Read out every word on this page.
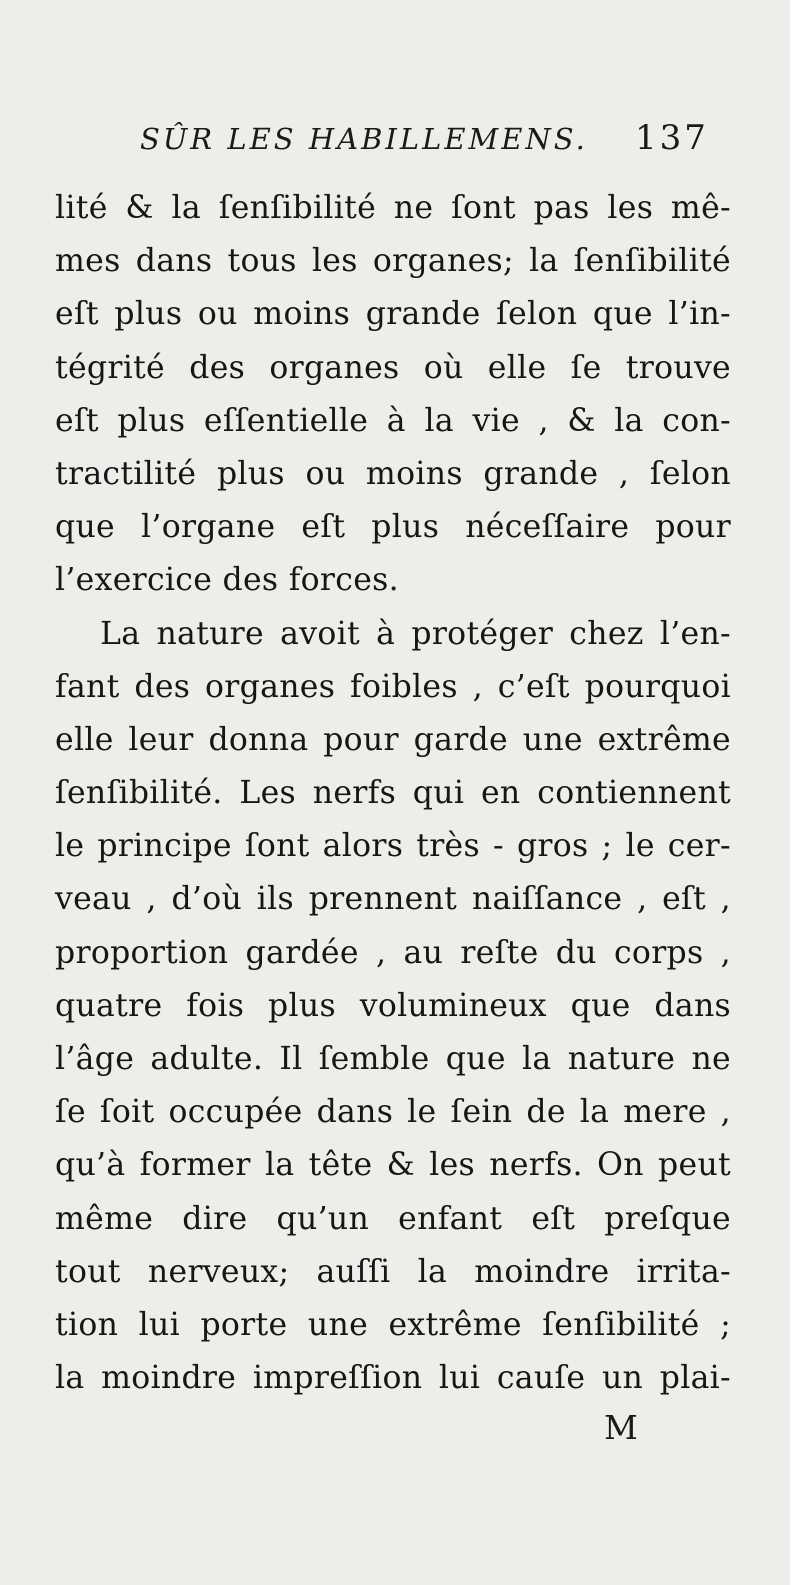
SÛR LES HABILLEMENS. 137
lité & la ſenſibilité ne ſont pas les mê-
mes dans tous les organes; la ſenſibilité
eſt plus ou moins grande ſelon que l’in-
tégrité des organes où elle ſe trouve
eſt plus eſſentielle à la vie , & la con-
tractilité plus ou moins grande , ſelon
que l’organe eſt plus néceſſaire pour
l’exercice des forces.
La nature avoit à protéger chez l’en-
fant des organes foibles , c’eſt pourquoi
elle leur donna pour garde une extrême
ſenſibilité. Les nerfs qui en contiennent
le principe ſont alors très - gros ; le cer-
veau , d’où ils prennent naiſſance , eſt ,
proportion gardée , au reſte du corps ,
quatre fois plus volumineux que dans
l’âge adulte. Il ſemble que la nature ne
ſe ſoit occupée dans le ſein de la mere ,
qu’à former la tête & les nerfs. On peut
même dire qu’un enfant eſt preſque
tout nerveux; auſſi la moindre irrita-
tion lui porte une extrême ſenſibilité ;
la moindre impreſſion lui cauſe un plai-
M
